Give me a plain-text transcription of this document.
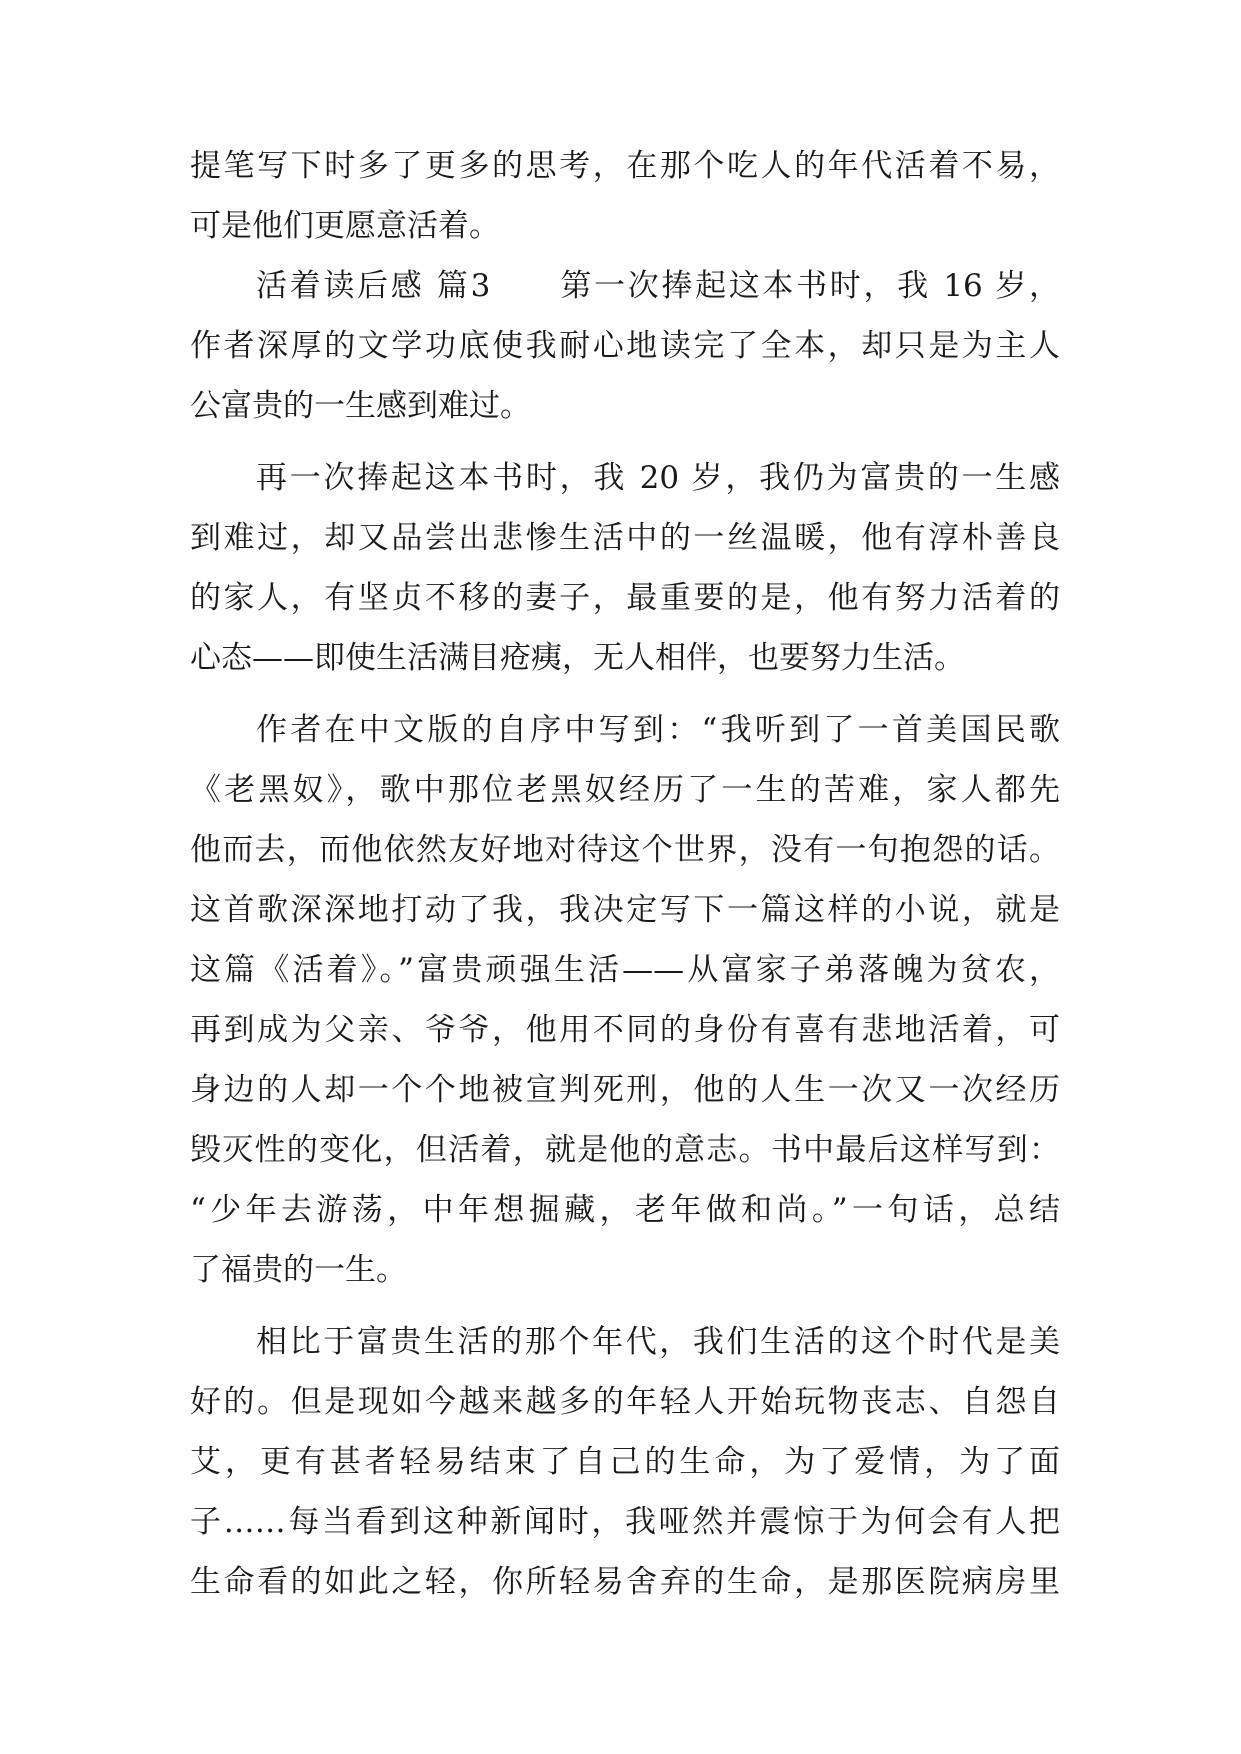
提笔写下时多了更多的思考，在那个吃人的年代活着不易，
可是他们更愿意活着。
活着读后感 篇3　　第一次捧起这本书时，我 16 岁，
作者深厚的文学功底使我耐心地读完了全本，却只是为主人
公富贵的一生感到难过。
再一次捧起这本书时，我 20 岁，我仍为富贵的一生感
到难过，却又品尝出悲惨生活中的一丝温暖，他有淳朴善良
的家人，有坚贞不移的妻子，最重要的是，他有努力活着的
心态——即使生活满目疮痍，无人相伴，也要努力生活。
作者在中文版的自序中写到：“我听到了一首美国民歌
《老黑奴》，歌中那位老黑奴经历了一生的苦难，家人都先
他而去，而他依然友好地对待这个世界，没有一句抱怨的话。
这首歌深深地打动了我，我决定写下一篇这样的小说，就是
这篇《活着》。”富贵顽强生活——从富家子弟落魄为贫农，
再到成为父亲、爷爷，他用不同的身份有喜有悲地活着，可
身边的人却一个个地被宣判死刑，他的人生一次又一次经历
毁灭性的变化，但活着，就是他的意志。书中最后这样写到：
“少年去游荡，中年想掘藏，老年做和尚。”一句话，总结
了福贵的一生。
相比于富贵生活的那个年代，我们生活的这个时代是美
好的。但是现如今越来越多的年轻人开始玩物丧志、自怨自
艾，更有甚者轻易结束了自己的生命，为了爱情，为了面
子……每当看到这种新闻时，我哑然并震惊于为何会有人把
生命看的如此之轻，你所轻易舍弃的生命，是那医院病房里
